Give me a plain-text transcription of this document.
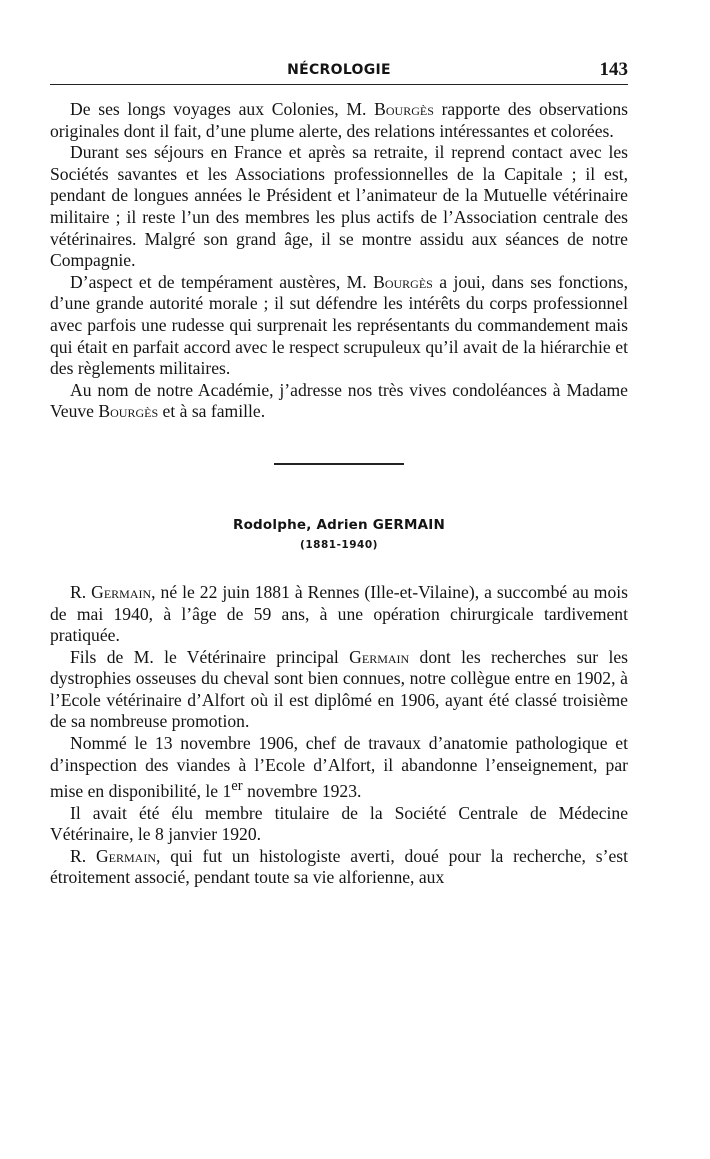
NÉCROLOGIE	143

De ses longs voyages aux Colonies, M. Bourgès rapporte des observations originales dont il fait, d’une plume alerte, des relations intéressantes et colorées.

Durant ses séjours en France et après sa retraite, il reprend contact avec les Sociétés savantes et les Associations professionnelles de la Capitale ; il est, pendant de longues années le Président et l’animateur de la Mutuelle vétérinaire militaire ; il reste l’un des membres les plus actifs de l’Association centrale des vétérinaires. Malgré son grand âge, il se montre assidu aux séances de notre Compagnie.

D’aspect et de tempérament austères, M. Bourgès a joui, dans ses fonctions, d’une grande autorité morale ; il sut défendre les intérêts du corps professionnel avec parfois une rudesse qui surprenait les représentants du commandement mais qui était en parfait accord avec le respect scrupuleux qu’il avait de la hiérarchie et des règlements militaires.

Au nom de notre Académie, j’adresse nos très vives condoléances à Madame Veuve Bourgès et à sa famille.

Rodolphe, Adrien GERMAIN
(1881-1940)

R. Germain, né le 22 juin 1881 à Rennes (Ille-et-Vilaine), a succombé au mois de mai 1940, à l’âge de 59 ans, à une opération chirurgicale tardivement pratiquée.

Fils de M. le Vétérinaire principal Germain dont les recherches sur les dystrophies osseuses du cheval sont bien connues, notre collègue entre en 1902, à l’Ecole vétérinaire d’Alfort où il est diplômé en 1906, ayant été classé troisième de sa nombreuse promotion.

Nommé le 13 novembre 1906, chef de travaux d’anatomie pathologique et d’inspection des viandes à l’Ecole d’Alfort, il abandonne l’enseignement, par mise en disponibilité, le 1er novembre 1923.

Il avait été élu membre titulaire de la Société Centrale de Médecine Vétérinaire, le 8 janvier 1920.

R. Germain, qui fut un histologiste averti, doué pour la recherche, s’est étroitement associé, pendant toute sa vie alforienne, aux
